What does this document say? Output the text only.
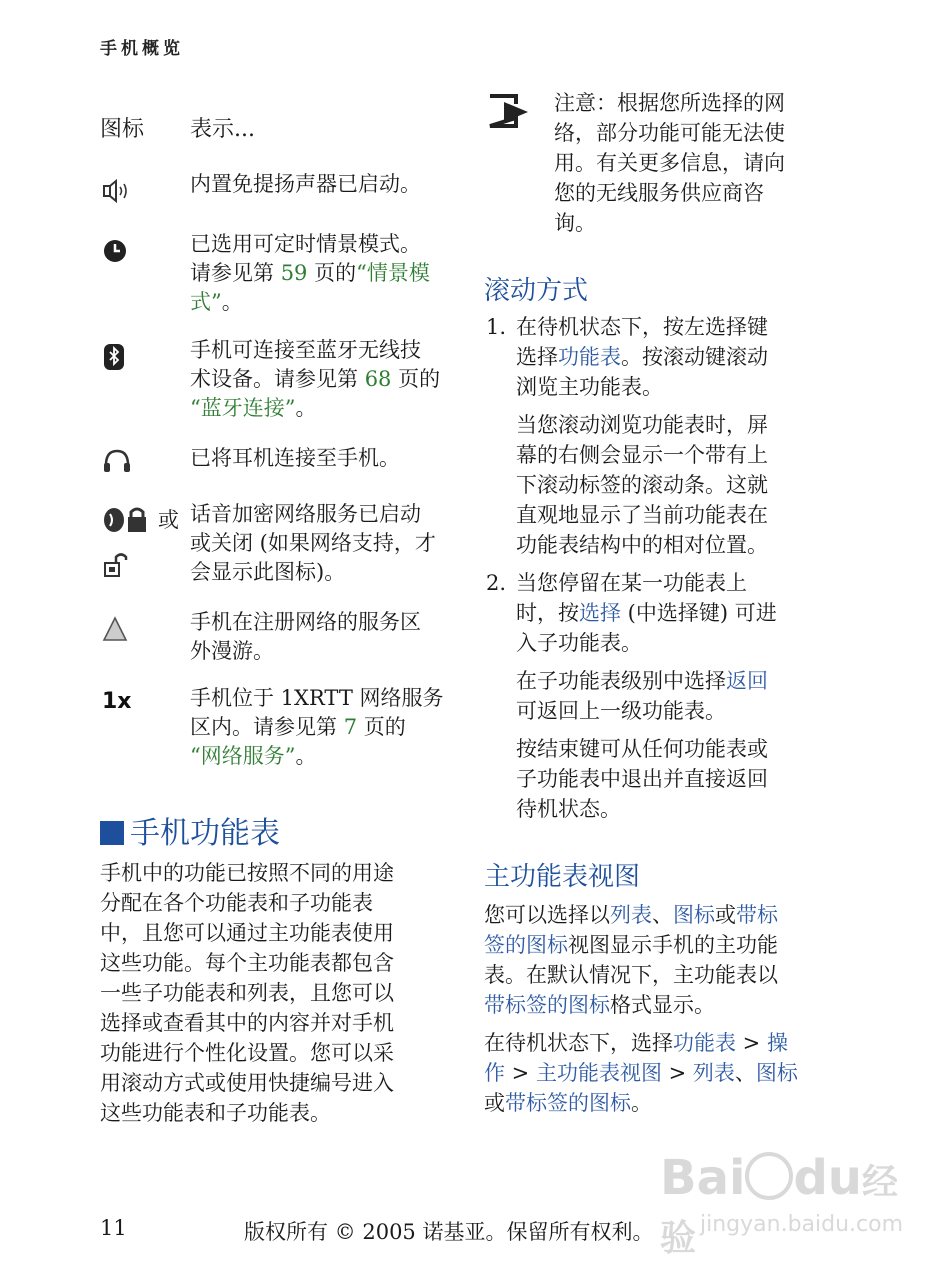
手机概览
图标 表示...
或
1x
内置免提扬声器已启动。
已选用可定时情景模式。
请参见第 59 页的“情景模
式”。
手机可连接至蓝牙无线技
术设备。请参见第 68 页的
“蓝牙连接”。
已将耳机连接至手机。
话音加密网络服务已启动
或关闭 (如果网络支持，才
会显示此图标)。
手机在注册网络的服务区
外漫游。
手机位于 1XRTT 网络服务
区内。请参见第 7 页的
“网络服务”。
手机功能表
手机中的功能已按照不同的用途
分配在各个功能表和子功能表
中，且您可以通过主功能表使用
这些功能。每个主功能表都包含
一些子功能表和列表，且您可以
选择或查看其中的内容并对手机
功能进行个性化设置。您可以采
用滚动方式或使用快捷编号进入
这些功能表和子功能表。
注意：根据您所选择的网
络，部分功能可能无法使
用。有关更多信息，请向
您的无线服务供应商咨
询。
滚动方式
1. 在待机状态下，按左选择键
选择功能表。按滚动键滚动
浏览主功能表。
当您滚动浏览功能表时，屏
幕的右侧会显示一个带有上
下滚动标签的滚动条。这就
直观地显示了当前功能表在
功能表结构中的相对位置。
2. 当您停留在某一功能表上
时，按选择 (中选择键) 可进
入子功能表。
在子功能表级别中选择返回
可返回上一级功能表。
按结束键可从任何功能表或
子功能表中退出并直接返回
待机状态。
主功能表视图
您可以选择以列表、图标或带标
签的图标视图显示手机的主功能
表。在默认情况下，主功能表以
带标签的图标格式显示。
在待机状态下，选择功能表 > 操
作 > 主功能表视图 > 列表、图标
或带标签的图标。
Bai du经验 jingyan.baidu.com
11	版权所有 © 2005 诺基亚。保留所有权利。
